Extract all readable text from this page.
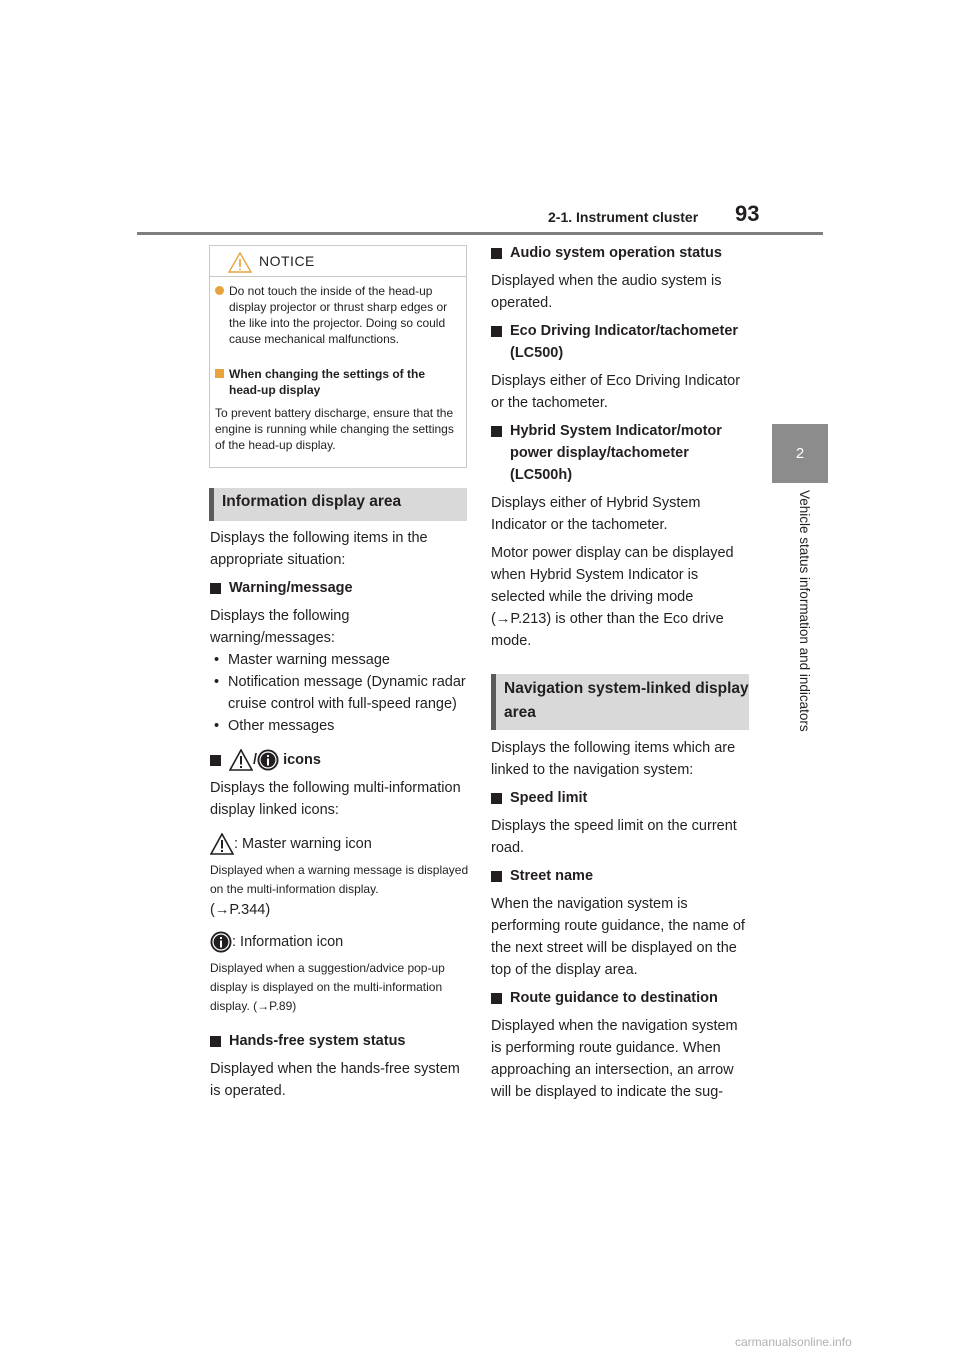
2-1. Instrument cluster 93
2
Vehicle status information and indicators
NOTICE
Do not touch the inside of the head-up display projector or thrust sharp edges or the like into the projector. Doing so could cause mechanical malfunctions.
When changing the settings of the head-up display
To prevent battery discharge, ensure that the engine is running while changing the settings of the head-up display.
Information display area
Displays the following items in the appropriate situation:
Warning/message
Displays the following warning/messages:
• Master warning message
• Notification message (Dynamic radar cruise control with full-speed range)
• Other messages
/ icons
Displays the following multi-information display linked icons:
: Master warning icon
Displayed when a warning message is displayed on the multi-information display.
(→P.344)
: Information icon
Displayed when a suggestion/advice pop-up display is displayed on the multi-information display. (→P.89)
Hands-free system status
Displayed when the hands-free system is operated.
Audio system operation status
Displayed when the audio system is operated.
Eco Driving Indicator/tachometer (LC500)
Displays either of Eco Driving Indicator or the tachometer.
Hybrid System Indicator/motor power display/tachometer (LC500h)
Displays either of Hybrid System Indicator or the tachometer.
Motor power display can be displayed when Hybrid System Indicator is selected while the driving mode (→P.213) is other than the Eco drive mode.
Navigation system-linked display area
Displays the following items which are linked to the navigation system:
Speed limit
Displays the speed limit on the current road.
Street name
When the navigation system is performing route guidance, the name of the next street will be displayed on the top of the display area.
Route guidance to destination
Displayed when the navigation system is performing route guidance. When approaching an intersection, an arrow will be displayed to indicate the sug-
carmanualsonline.info
